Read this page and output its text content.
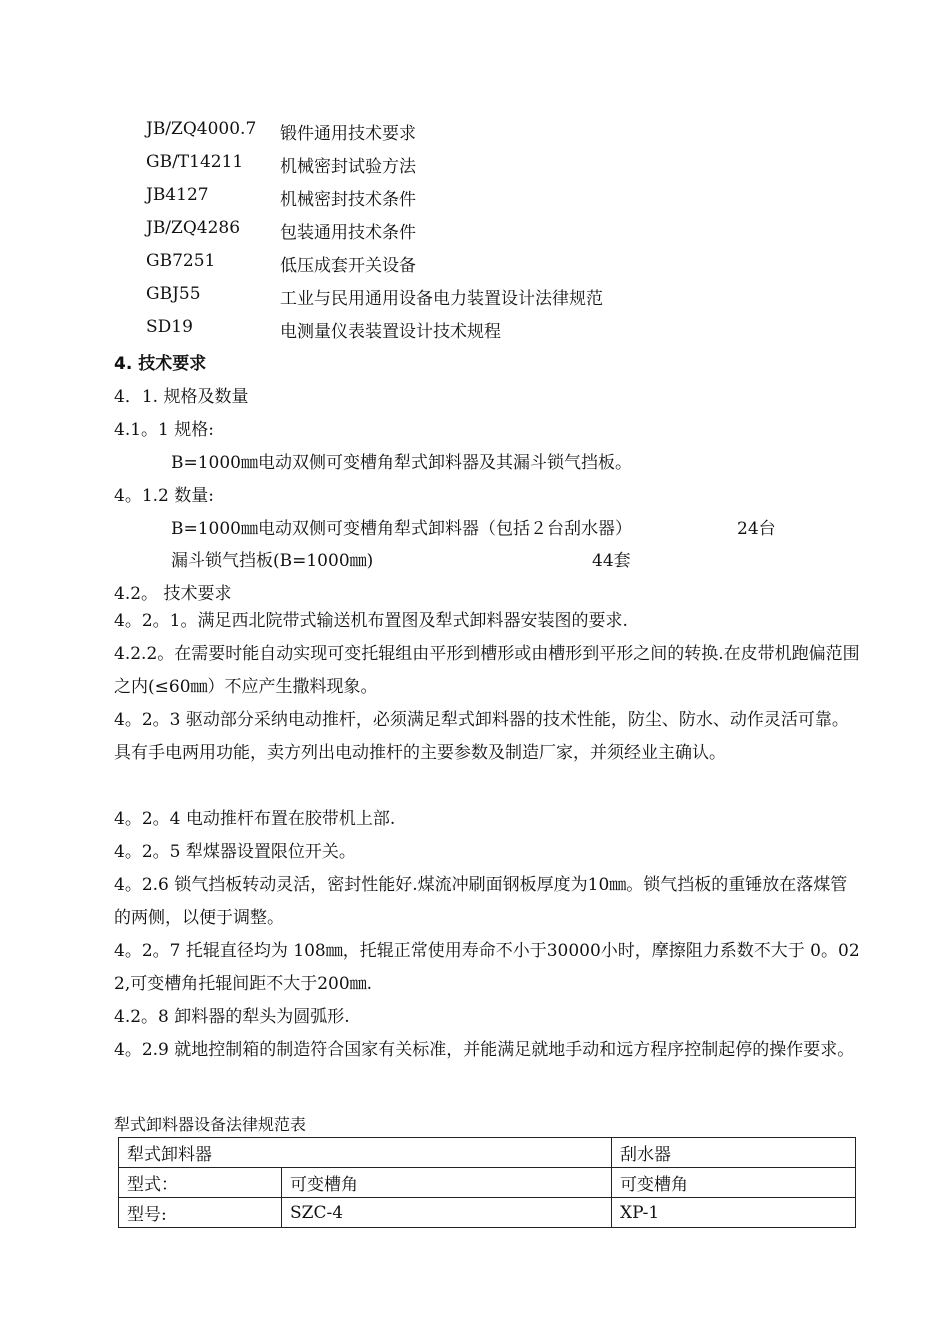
JB/ZQ4000.7 锻件通用技术要求
GB/T14211 机械密封试验方法
JB4127	机械密封技术条件
JB/ZQ4286 包装通用技术条件
GB7251	低压成套开关设备
GBJ55	工业与民用通用设备电力装置设计法律规范
SD19	电测量仪表装置设计技术规程
4. 技术要求
4．1. 规格及数量
4.1。1 规格:
B=1000㎜电动双侧可变槽角犁式卸料器及其漏斗锁气挡板。
4。1.2 数量:
B=1000㎜电动双侧可变槽角犁式卸料器（包括２台刮水器）	24台
漏斗锁气挡板(B=1000㎜)	44套
4.2。 技术要求
4。2。1。满足西北院带式输送机布置图及犁式卸料器安装图的要求.
4.2.2。在需要时能自动实现可变托辊组由平形到槽形或由槽形到平形之间的转换.在皮带机跑偏范围之内(≤60㎜）不应产生撒料现象。
4。2。3 驱动部分采纳电动推杆，必须满足犁式卸料器的技术性能，防尘、防水、动作灵活可靠。具有手电两用功能，卖方列出电动推杆的主要参数及制造厂家，并须经业主确认。
4。2。4 电动推杆布置在胶带机上部.
4。2。5 犁煤器设置限位开关。
4。2.6 锁气挡板转动灵活，密封性能好.煤流冲刷面钢板厚度为10㎜。锁气挡板的重锤放在落煤管的两侧，以便于调整。
4。2。7 托辊直径均为 108㎜，托辊正常使用寿命不小于30000小时，摩擦阻力系数不大于 0。022,可变槽角托辊间距不大于200㎜.
4.2。8 卸料器的犁头为圆弧形.
4。2.9 就地控制箱的制造符合国家有关标准，并能满足就地手动和远方程序控制起停的操作要求。
犁式卸料器设备法律规范表
犁式卸料器		刮水器
型式：	可变槽角	可变槽角
型号:	SZC-4	XP-1
